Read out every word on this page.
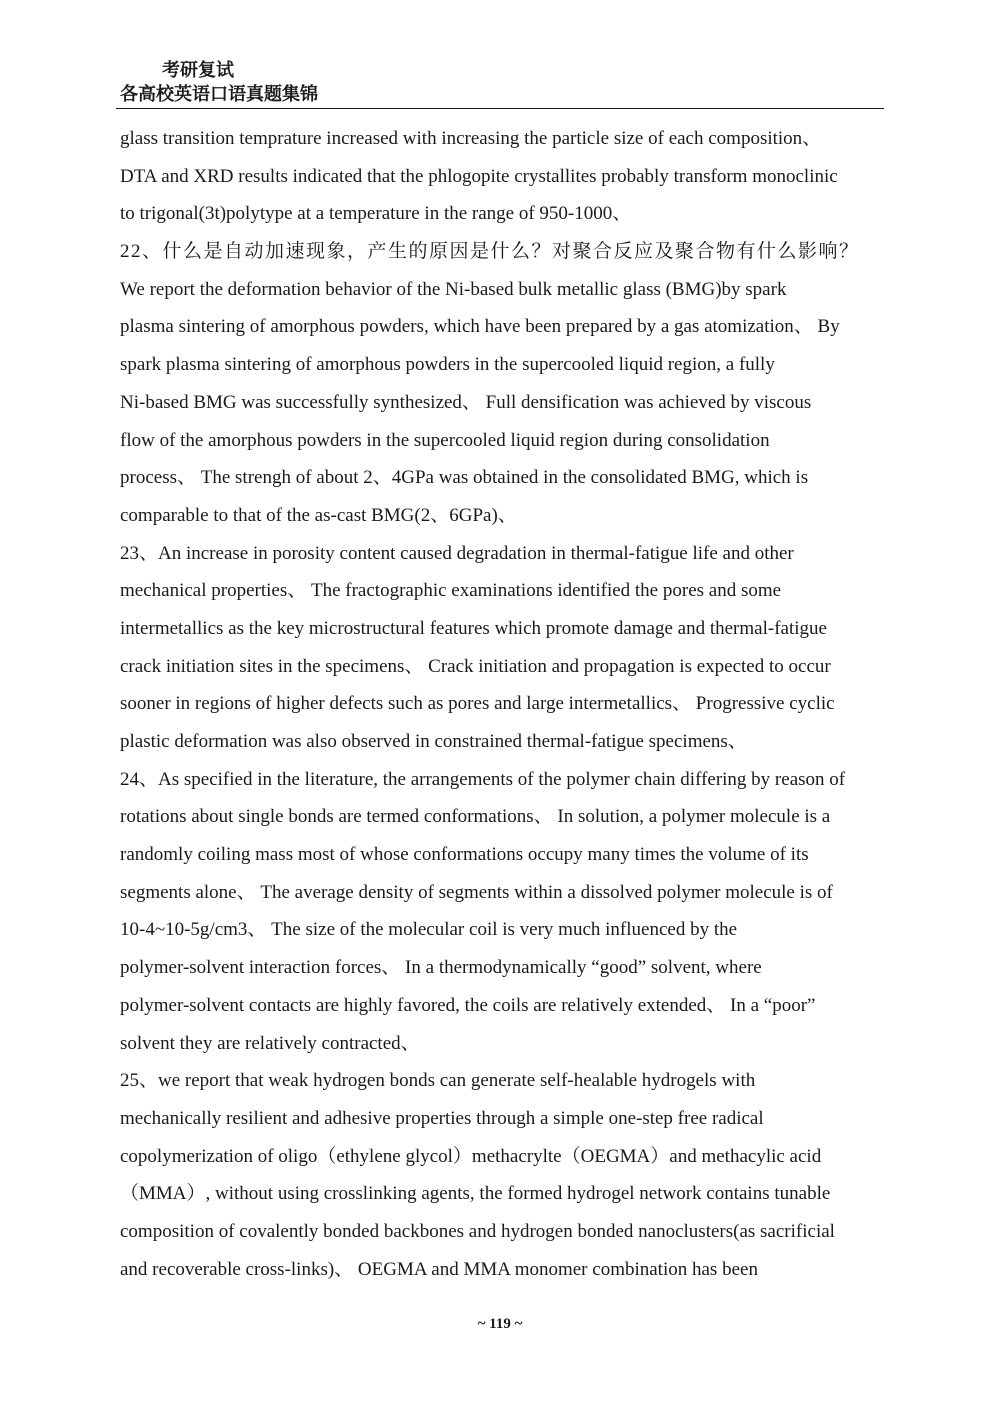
考研复试
各高校英语口语真题集锦
glass transition temprature increased with increasing the particle size of each composition、
DTA and XRD results indicated that the phlogopite crystallites probably transform monoclinic
to trigonal(3t)polytype at a temperature in the range of 950-1000、
22、什么是自动加速现象，产生的原因是什么？对聚合反应及聚合物有什么影响？
We report the deformation behavior of the Ni-based bulk metallic glass (BMG)by spark
plasma sintering of amorphous powders, which have been prepared by a gas atomization、 By
spark plasma sintering of amorphous powders in the supercooled liquid region, a fully
Ni-based BMG was successfully synthesized、 Full densification was achieved by viscous
flow of the amorphous powders in the supercooled liquid region during consolidation
process、 The strengh of about 2、4GPa was obtained in the consolidated BMG, which is
comparable to that of the as-cast BMG(2、6GPa)、
23、An increase in porosity content caused degradation in thermal-fatigue life and other
mechanical properties、 The fractographic examinations identified the pores and some
intermetallics as the key microstructural features which promote damage and thermal-fatigue
crack initiation sites in the specimens、 Crack initiation and propagation is expected to occur
sooner in regions of higher defects such as pores and large intermetallics、 Progressive cyclic
plastic deformation was also observed in constrained thermal-fatigue specimens、
24、As specified in the literature, the arrangements of the polymer chain differing by reason of
rotations about single bonds are termed conformations、 In solution, a polymer molecule is a
randomly coiling mass most of whose conformations occupy many times the volume of its
segments alone、 The average density of segments within a dissolved polymer molecule is of
10-4~10-5g/cm3、 The size of the molecular coil is very much influenced by the
polymer-solvent interaction forces、 In a thermodynamically “good” solvent, where
polymer-solvent contacts are highly favored, the coils are relatively extended、 In a “poor”
solvent they are relatively contracted、
25、we report that weak hydrogen bonds can generate self-healable hydrogels with
mechanically resilient and adhesive properties through a simple one-step free radical
copolymerization of oligo（ethylene glycol）methacrylte（OEGMA）and methacylic acid
（MMA）, without using crosslinking agents, the formed hydrogel network contains tunable
composition of covalently bonded backbones and hydrogen bonded nanoclusters(as sacrificial
and recoverable cross-links)、 OEGMA and MMA monomer combination has been
~ 119 ~
